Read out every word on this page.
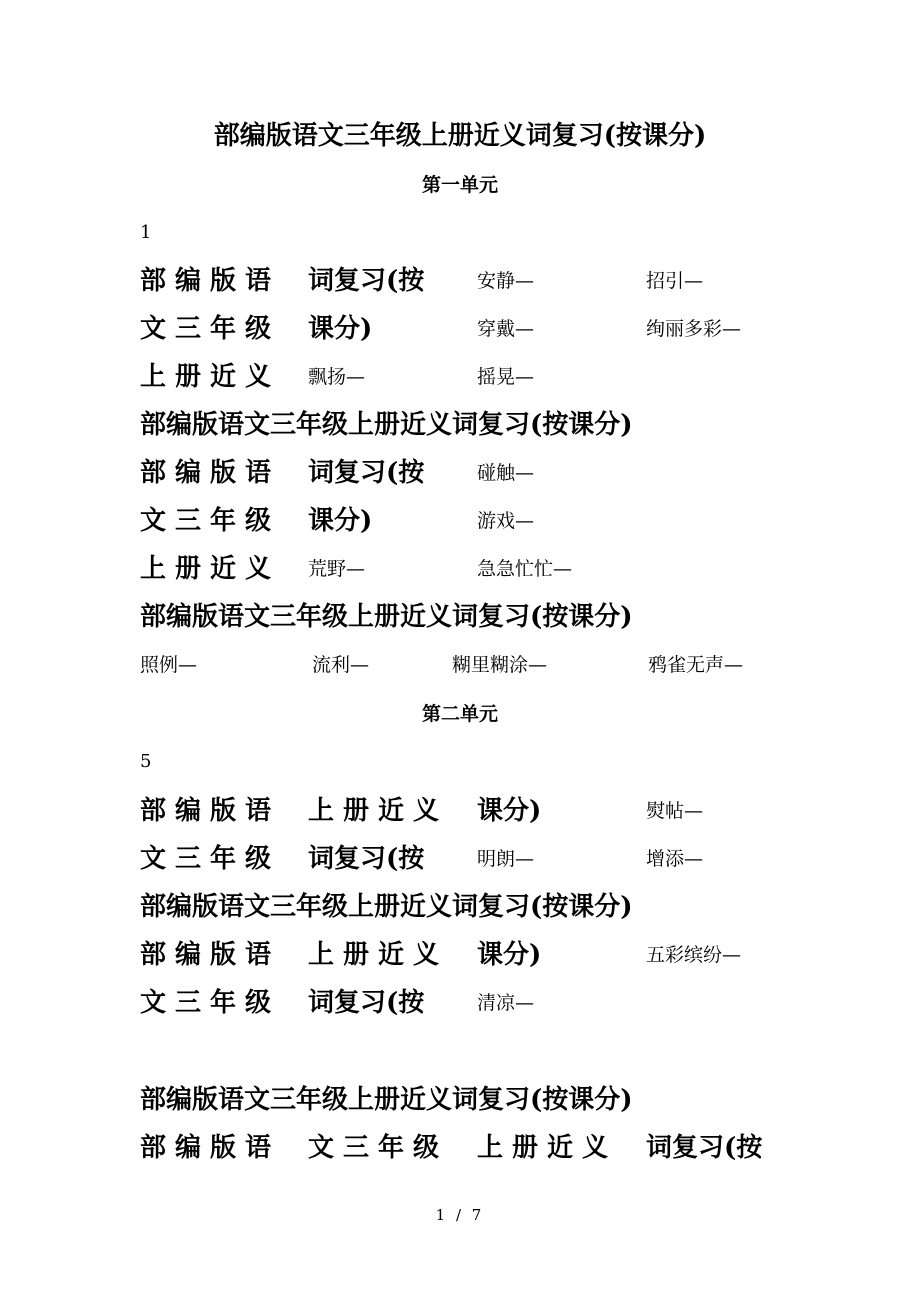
部编版语文三年级上册近义词复习(按课分)
第一单元
1
部编版语 词复习(按	安静—	招引—
文三年级 课分)	穿戴—	绚丽多彩—
上册近义 飘扬—	摇晃—
部编版语文三年级上册近义词复习(按课分)
部编版语 词复习(按	碰触—
文三年级 课分)	游戏—
上册近义 荒野—	急急忙忙—
部编版语文三年级上册近义词复习(按课分)
照例—	流利—	糊里糊涂—	鸦雀无声—
第二单元
5
部编版语 上册近义 课分)	熨帖—
文三年级 词复习(按	明朗—	增添—
部编版语文三年级上册近义词复习(按课分)
部编版语 上册近义 课分)	五彩缤纷—
文三年级 词复习(按	清凉—
部编版语文三年级上册近义词复习(按课分)
部编版语 文三年级 上册近义 词复习(按
1 / 7
